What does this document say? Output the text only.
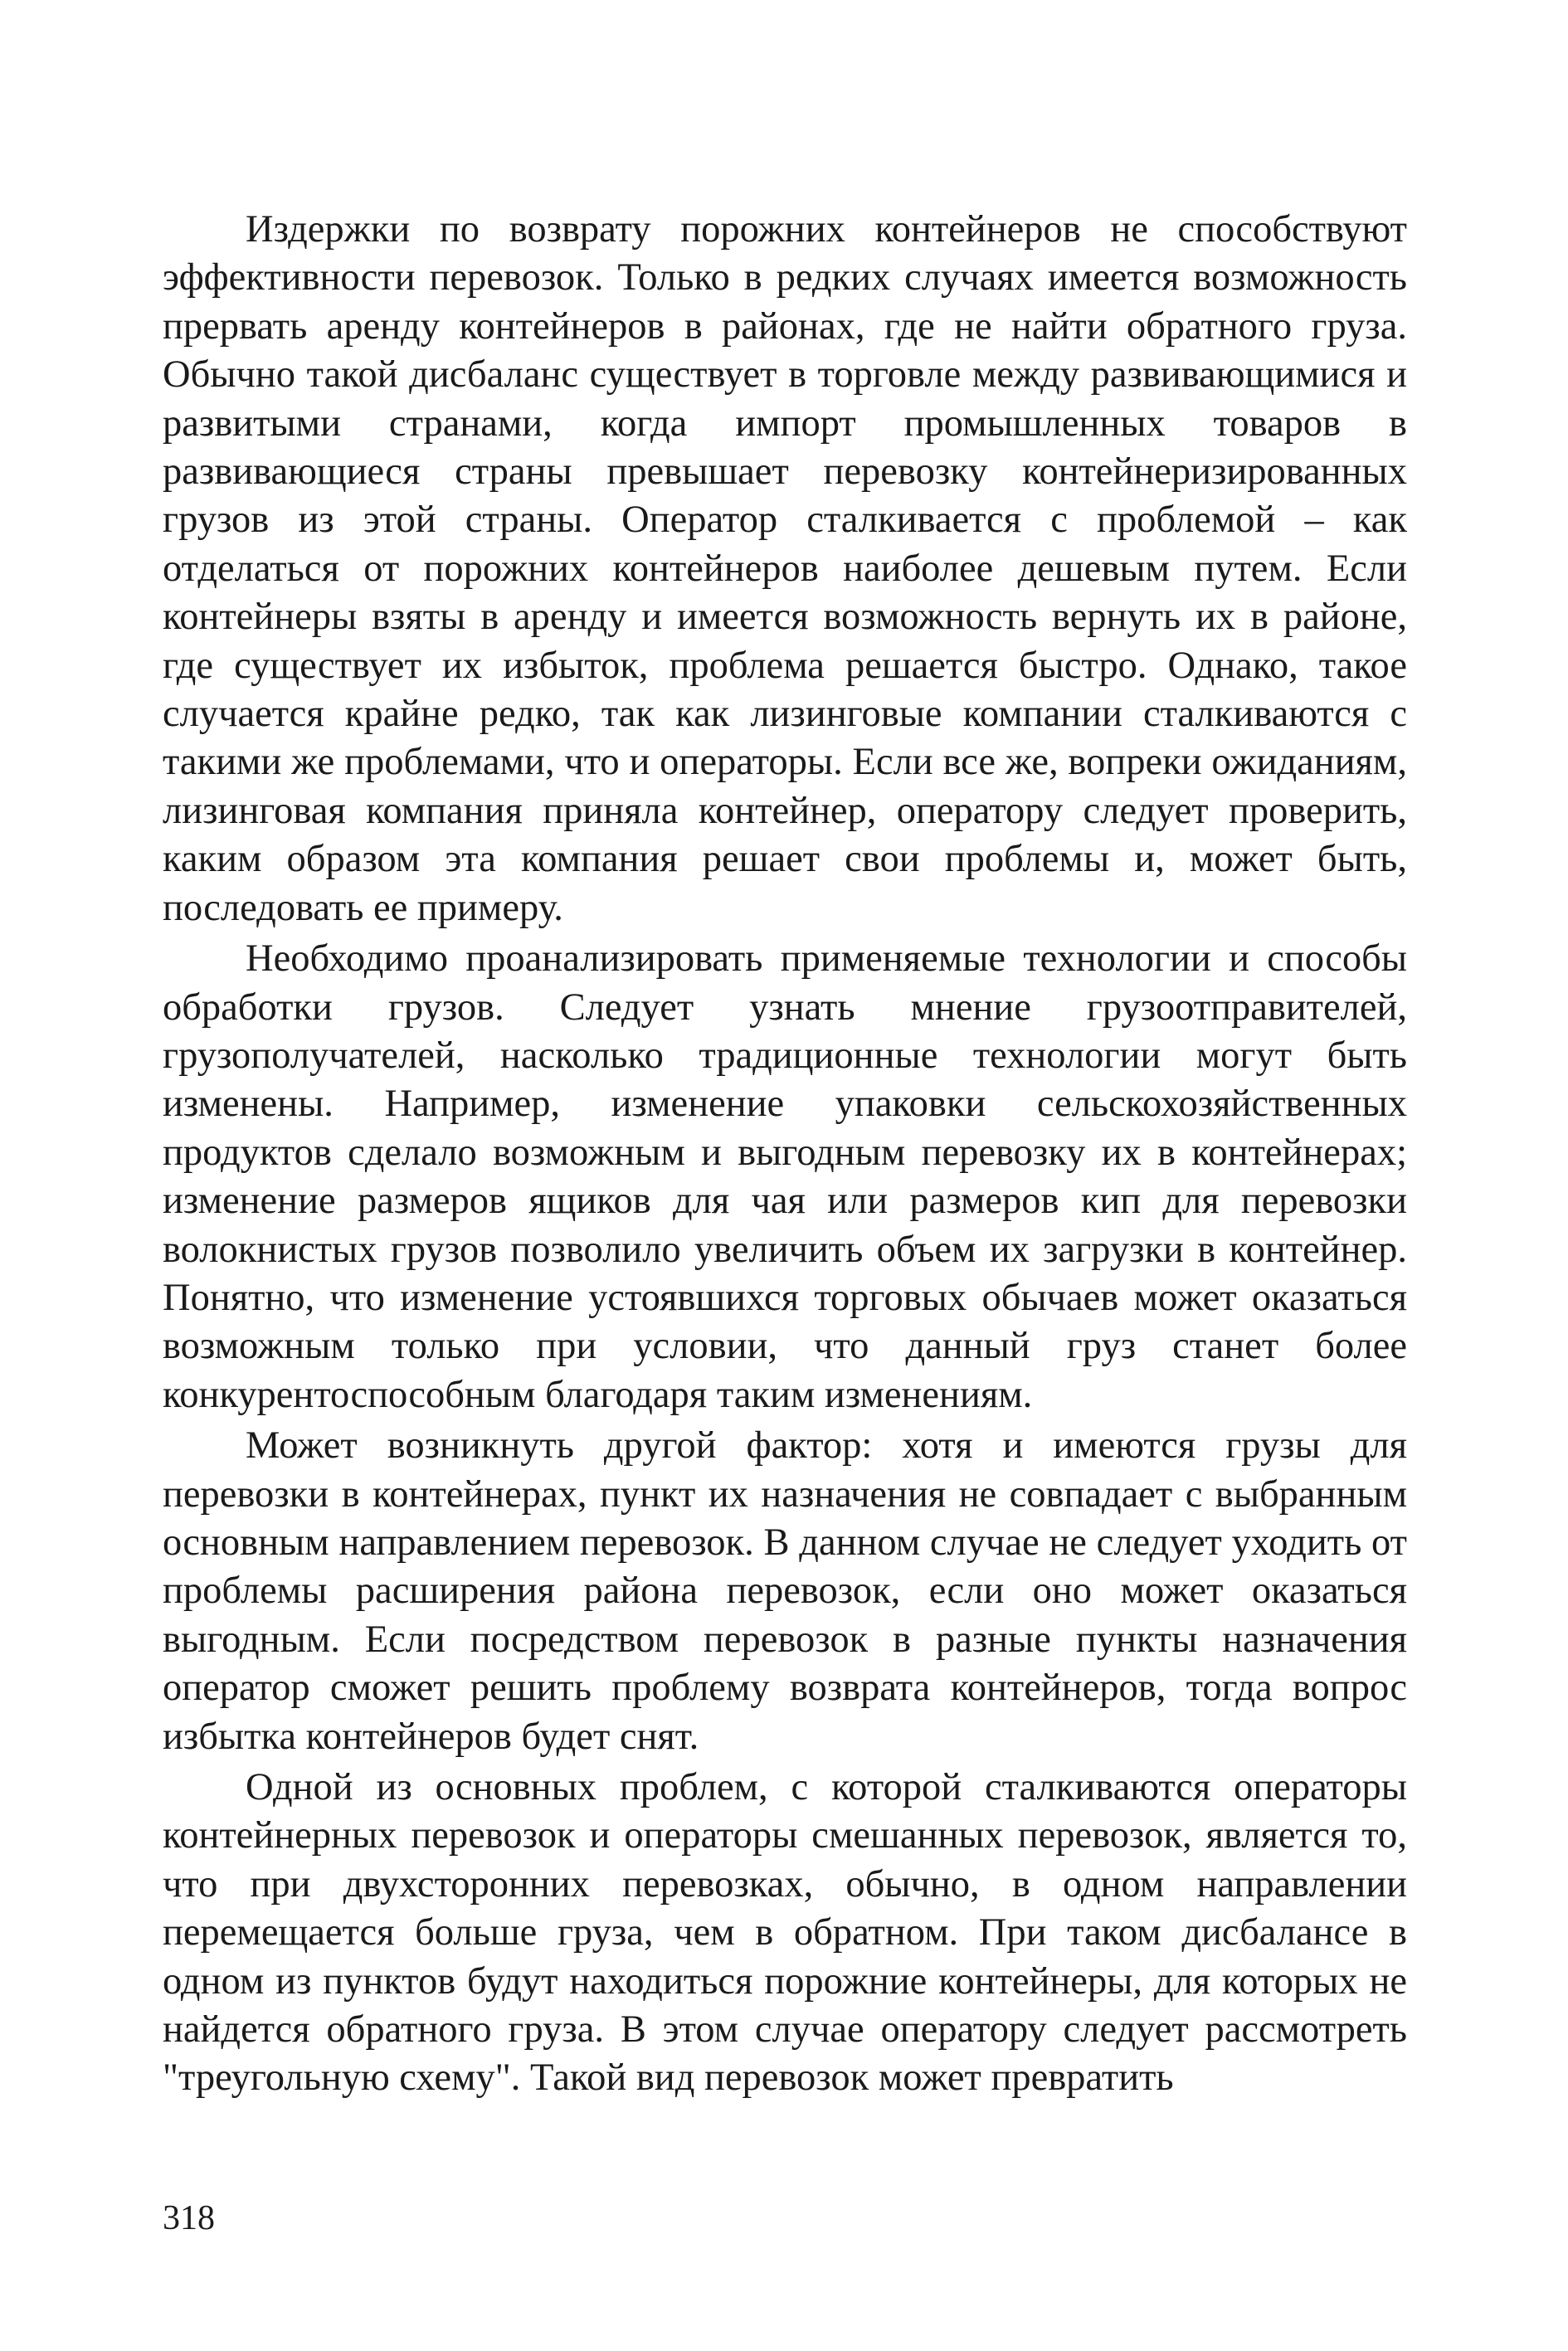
Издержки по возврату порожних контейнеров не способствуют эффективности перевозок. Только в редких случаях имеется возможность прервать аренду контейнеров в районах, где не найти обратного груза. Обычно такой дисбаланс существует в торговле между развивающимися и развитыми странами, когда импорт промышленных товаров в развивающиеся страны превышает перевозку контейнеризированных грузов из этой страны. Оператор сталкивается с проблемой – как отделаться от порожних контейнеров наиболее дешевым путем. Если контейнеры взяты в аренду и имеется возможность вернуть их в районе, где существует их избыток, проблема решается быстро. Однако, такое случается крайне редко, так как лизинговые компании сталкиваются с такими же проблемами, что и операторы. Если все же, вопреки ожиданиям, лизинговая компания приняла контейнер, оператору следует проверить, каким образом эта компания решает свои проблемы и, может быть, последовать ее примеру.

Необходимо проанализировать применяемые технологии и способы обработки грузов. Следует узнать мнение грузоотправителей, грузополучателей, насколько традиционные технологии могут быть изменены. Например, изменение упаковки сельскохозяйственных продуктов сделало возможным и выгодным перевозку их в контейнерах; изменение размеров ящиков для чая или размеров кип для перевозки волокнистых грузов позволило увеличить объем их загрузки в контейнер. Понятно, что изменение устоявшихся торговых обычаев может оказаться возможным только при условии, что данный груз станет более конкурентоспособным благодаря таким изменениям.

Может возникнуть другой фактор: хотя и имеются грузы для перевозки в контейнерах, пункт их назначения не совпадает с выбранным основным направлением перевозок. В данном случае не следует уходить от проблемы расширения района перевозок, если оно может оказаться выгодным. Если посредством перевозок в разные пункты назначения оператор сможет решить проблему возврата контейнеров, тогда вопрос избытка контейнеров будет снят.

Одной из основных проблем, с которой сталкиваются операторы контейнерных перевозок и операторы смешанных перевозок, является то, что при двухсторонних перевозках, обычно, в одном направлении перемещается больше груза, чем в обратном. При таком дисбалансе в одном из пунктов будут находиться порожние контейнеры, для которых не найдется обратного груза. В этом случае оператору следует рассмотреть "треугольную схему". Такой вид перевозок может превратить

318
